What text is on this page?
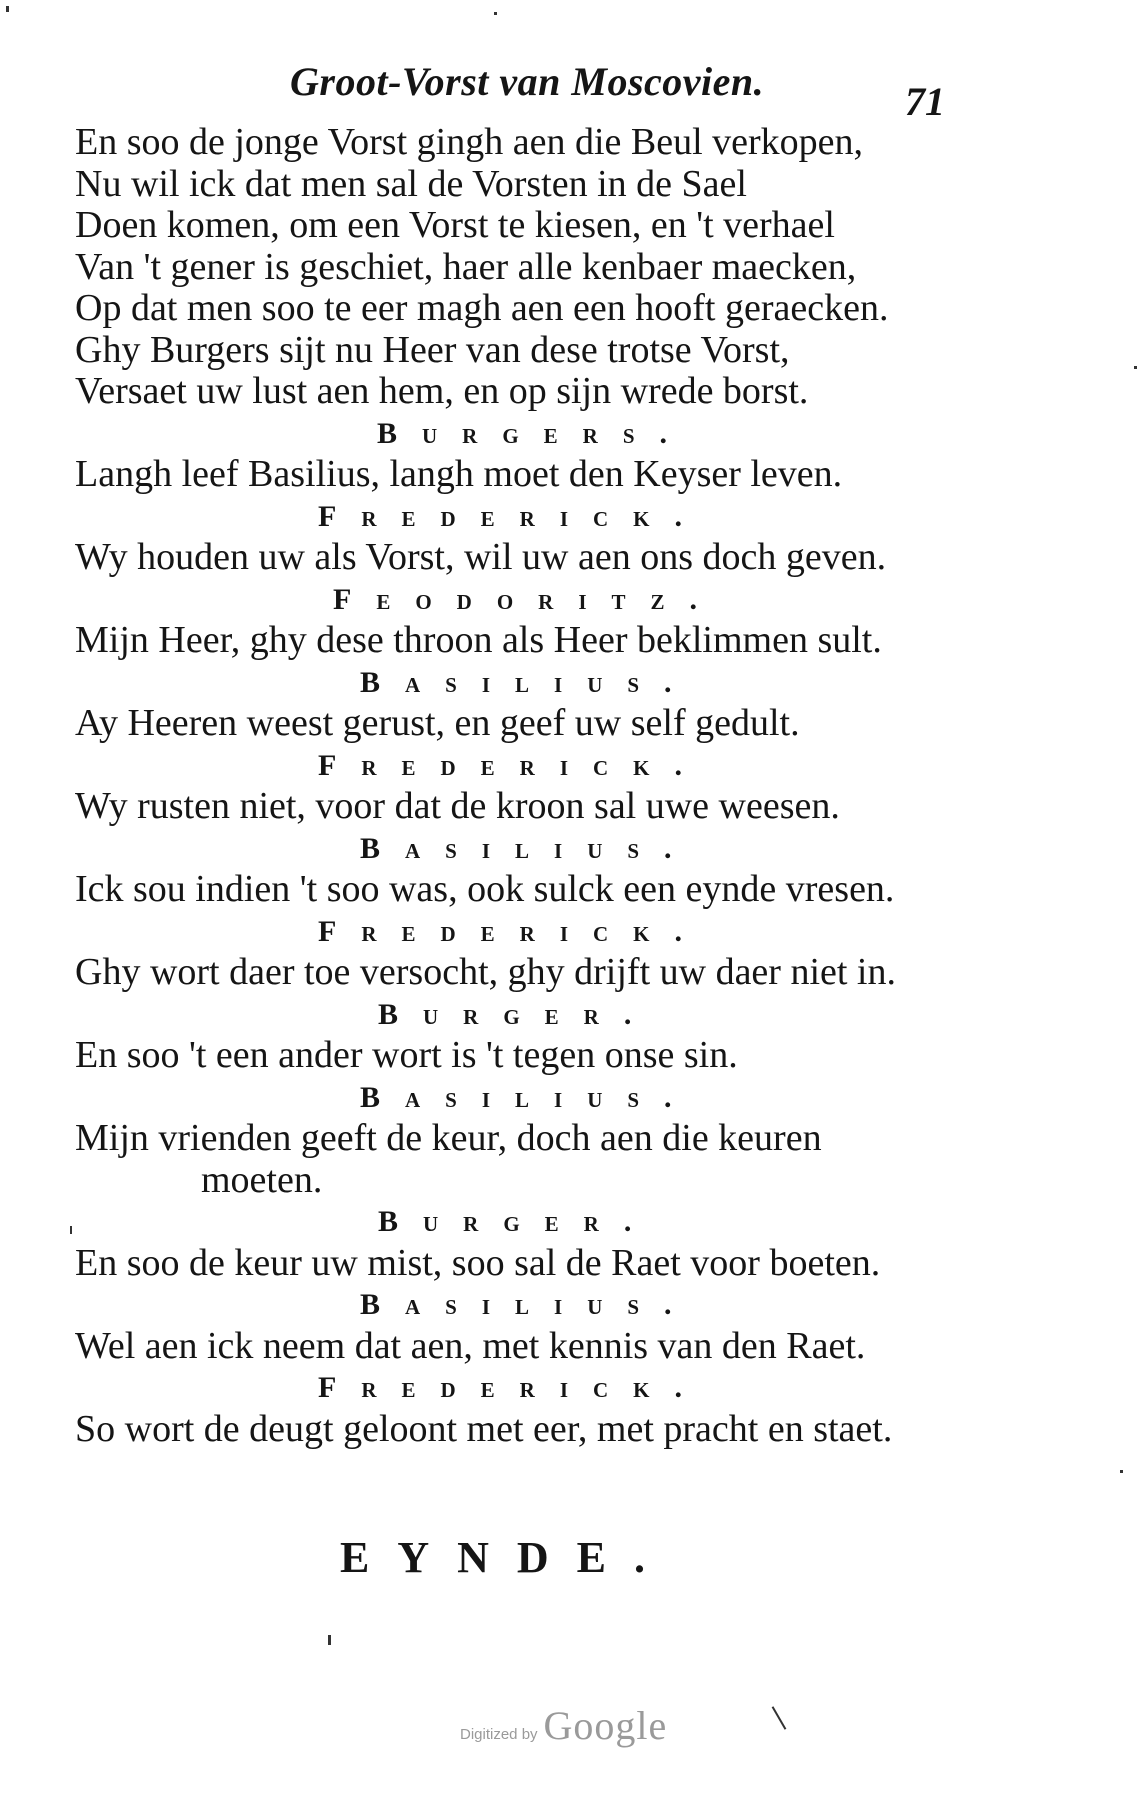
Groot-Vorst van Moscovien.	71
En soo de jonge Vorst gingh aen die Beul verkopen,
Nu wil ick dat men sal de Vorsten in de Sael
Doen komen, om een Vorst te kiesen, en 't verhael
Van 't gener is geschiet, haer alle kenbaer maecken,
Op dat men soo te eer magh aen een hooft geraecken.
Ghy Burgers sijt nu Heer van dese trotse Vorst,
Versaet uw lust aen hem, en op sijn wrede borst.
Burgers.
Langh leef Basilius, langh moet den Keyser leven.
Frederick.
Wy houden uw als Vorst, wil uw aen ons doch geven.
Feodoritz.
Mijn Heer, ghy dese throon als Heer beklimmen sult.
Basilius.
Ay Heeren weest gerust, en geef uw self gedult.
Frederick.
Wy rusten niet, voor dat de kroon sal uwe weesen.
Basilius.
Ick sou indien 't soo was, ook sulck een eynde vresen.
Frederick.
Ghy wort daer toe versocht, ghy drijft uw daer niet in.
Burger.
En soo 't een ander wort is 't tegen onse sin.
Basilius.
Mijn vrienden geeft de keur, doch aen die keuren
moeten.
Burger.
En soo de keur uw mist, soo sal de Raet voor boeten.
Basilius.
Wel aen ick neem dat aen, met kennis van den Raet.
Frederick.
So wort de deugt geloont met eer, met pracht en staet.
EYNDE.
Digitized by Google
